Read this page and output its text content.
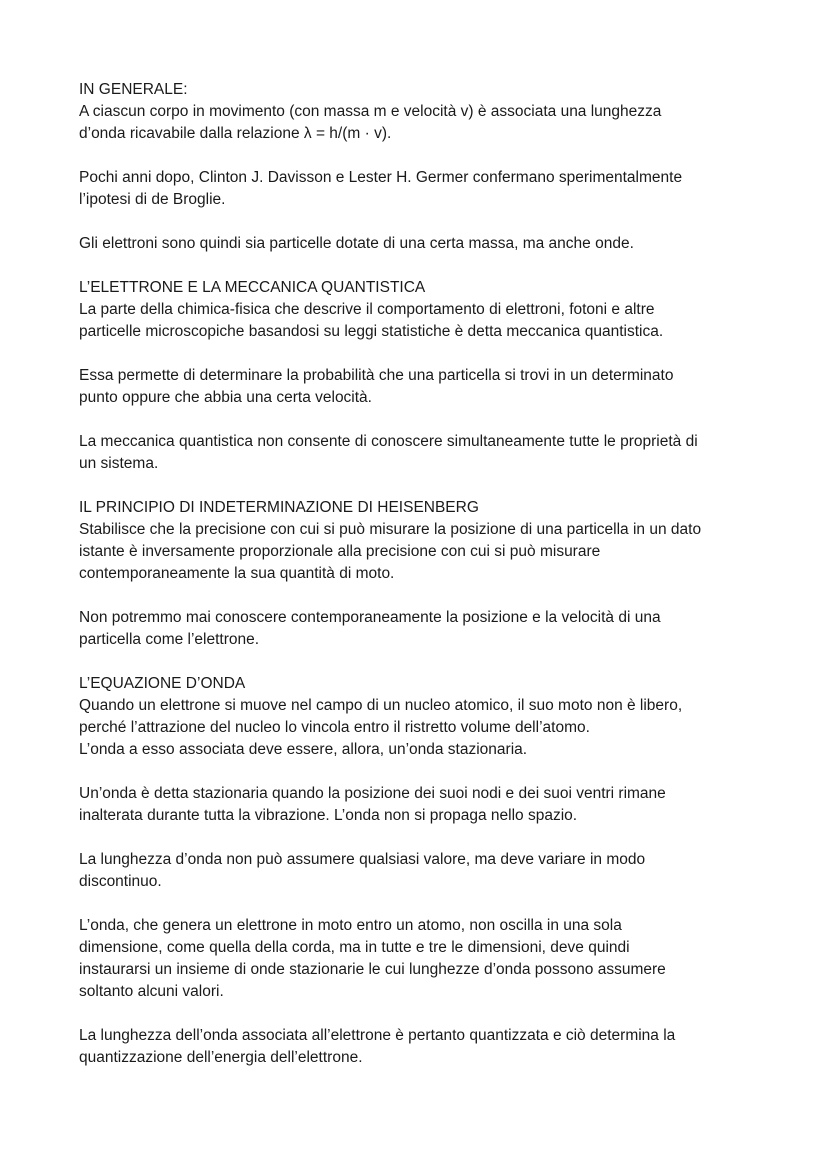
IN GENERALE:
A ciascun corpo in movimento (con massa m e velocità v) è associata una lunghezza
d’onda ricavabile dalla relazione λ = h/(m · v).
Pochi anni dopo, Clinton J. Davisson e Lester H. Germer confermano sperimentalmente
l’ipotesi di de Broglie.
Gli elettroni sono quindi sia particelle dotate di una certa massa, ma anche onde.
L’ELETTRONE E LA MECCANICA QUANTISTICA
La parte della chimica-fisica che descrive il comportamento di elettroni, fotoni e altre
particelle microscopiche basandosi su leggi statistiche è detta meccanica quantistica.
Essa permette di determinare la probabilità che una particella si trovi in un determinato
punto oppure che abbia una certa velocità.
La meccanica quantistica non consente di conoscere simultaneamente tutte le proprietà di
un sistema.
IL PRINCIPIO DI INDETERMINAZIONE DI HEISENBERG
Stabilisce che la precisione con cui si può misurare la posizione di una particella in un dato
istante è inversamente proporzionale alla precisione con cui si può misurare
contemporaneamente la sua quantità di moto.
Non potremmo mai conoscere contemporaneamente la posizione e la velocità di una
particella come l’elettrone.
L’EQUAZIONE D’ONDA
Quando un elettrone si muove nel campo di un nucleo atomico, il suo moto non è libero,
perché l’attrazione del nucleo lo vincola entro il ristretto volume dell’atomo.
L’onda a esso associata deve essere, allora, un’onda stazionaria.
Un’onda è detta stazionaria quando la posizione dei suoi nodi e dei suoi ventri rimane
inalterata durante tutta la vibrazione. L’onda non si propaga nello spazio.
La lunghezza d’onda non può assumere qualsiasi valore, ma deve variare in modo
discontinuo.
L’onda, che genera un elettrone in moto entro un atomo, non oscilla in una sola
dimensione, come quella della corda, ma in tutte e tre le dimensioni, deve quindi
instaurarsi un insieme di onde stazionarie le cui lunghezze d’onda possono assumere
soltanto alcuni valori.
La lunghezza dell’onda associata all’elettrone è pertanto quantizzata e ciò determina la
quantizzazione dell’energia dell’elettrone.
